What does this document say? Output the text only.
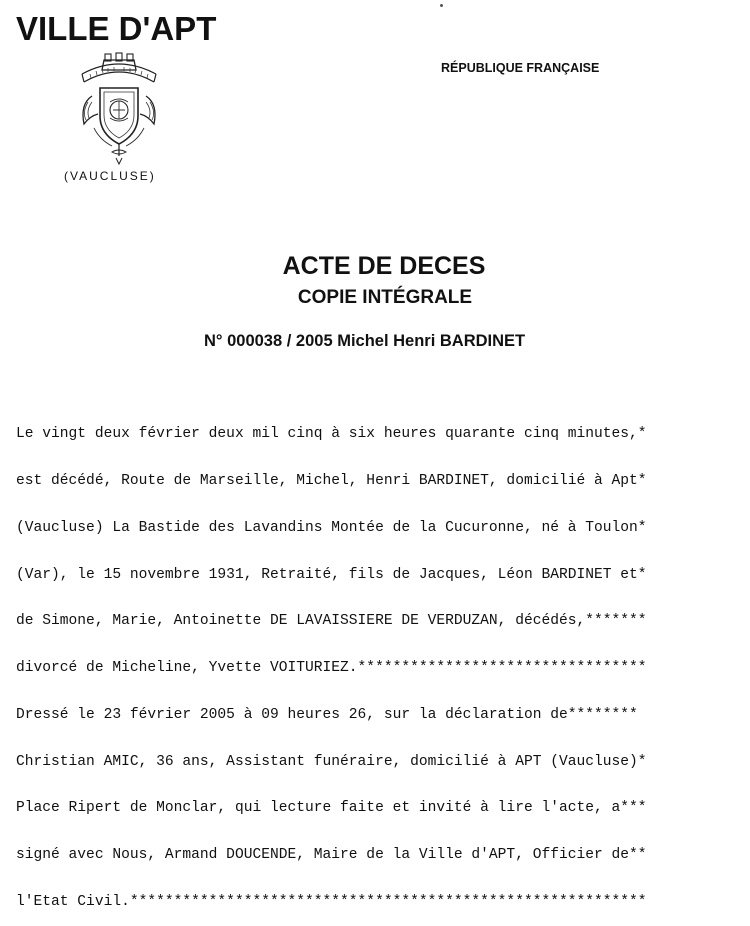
VILLE D'APT
(VAUCLUSE)
RÉPUBLIQUE FRANÇAISE
ACTE DE DECES
COPIE INTÉGRALE
N° 000038 / 2005 Michel Henri BARDINET

Le vingt deux février deux mil cinq à six heures quarante cinq minutes,*

est décédé, Route de Marseille, Michel, Henri BARDINET, domicilié à Apt*

(Vaucluse) La Bastide des Lavandins Montée de la Cucuronne, né à Toulon*

(Var), le 15 novembre 1931, Retraité, fils de Jacques, Léon BARDINET et*

de Simone, Marie, Antoinette DE LAVAISSIERE DE VERDUZAN, décédés,*******

divorcé de Micheline, Yvette VOITURIEZ.*********************************

Dressé le 23 février 2005 à 09 heures 26, sur la déclaration de********

Christian AMIC, 36 ans, Assistant funéraire, domicilié à APT (Vaucluse)*

Place Ripert de Monclar, qui lecture faite et invité à lire l'acte, a***

signé avec Nous, Armand DOUCENDE, Maire de la Ville d'APT, Officier de**

l'Etat Civil.***********************************************************
